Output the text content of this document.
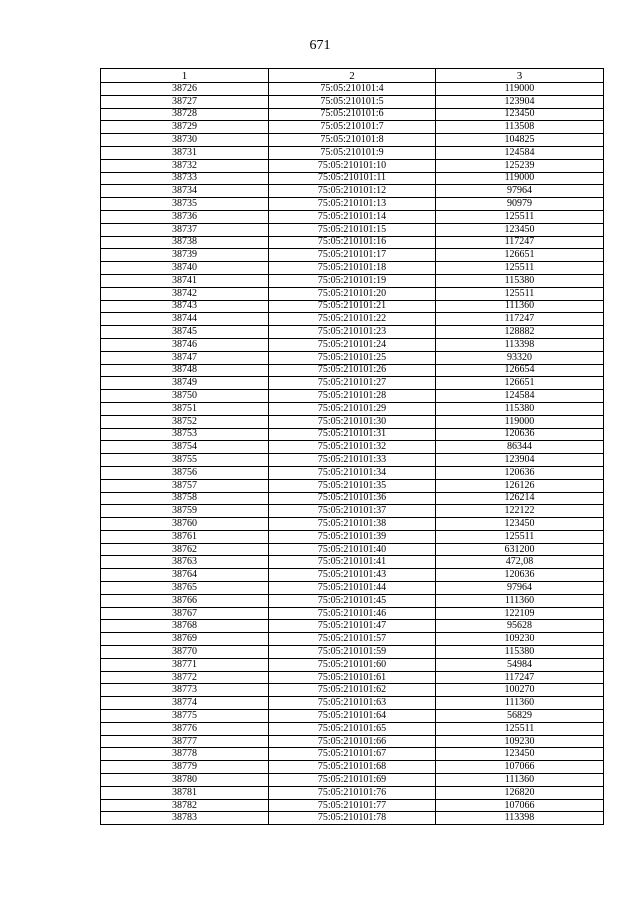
671
1	2	3
38726	75:05:210101:4	119000
38727	75:05:210101:5	123904
38728	75:05:210101:6	123450
38729	75:05:210101:7	113508
38730	75:05:210101:8	104825
38731	75:05:210101:9	124584
38732	75:05:210101:10	125239
38733	75:05:210101:11	119000
38734	75:05:210101:12	97964
38735	75:05:210101:13	90979
38736	75:05:210101:14	125511
38737	75:05:210101:15	123450
38738	75:05:210101:16	117247
38739	75:05:210101:17	126651
38740	75:05:210101:18	125511
38741	75:05:210101:19	115380
38742	75:05:210101:20	125511
38743	75:05:210101:21	111360
38744	75:05:210101:22	117247
38745	75:05:210101:23	128882
38746	75:05:210101:24	113398
38747	75:05:210101:25	93320
38748	75:05:210101:26	126654
38749	75:05:210101:27	126651
38750	75:05:210101:28	124584
38751	75:05:210101:29	115380
38752	75:05:210101:30	119000
38753	75:05:210101:31	120636
38754	75:05:210101:32	86344
38755	75:05:210101:33	123904
38756	75:05:210101:34	120636
38757	75:05:210101:35	126126
38758	75:05:210101:36	126214
38759	75:05:210101:37	122122
38760	75:05:210101:38	123450
38761	75:05:210101:39	125511
38762	75:05:210101:40	631200
38763	75:05:210101:41	472,08
38764	75:05:210101:43	120636
38765	75:05:210101:44	97964
38766	75:05:210101:45	111360
38767	75:05:210101:46	122109
38768	75:05:210101:47	95628
38769	75:05:210101:57	109230
38770	75:05:210101:59	115380
38771	75:05:210101:60	54984
38772	75:05:210101:61	117247
38773	75:05:210101:62	100270
38774	75:05:210101:63	111360
38775	75:05:210101:64	56829
38776	75:05:210101:65	125511
38777	75:05:210101:66	109230
38778	75:05:210101:67	123450
38779	75:05:210101:68	107066
38780	75:05:210101:69	111360
38781	75:05:210101:76	126820
38782	75:05:210101:77	107066
38783	75:05:210101:78	113398
